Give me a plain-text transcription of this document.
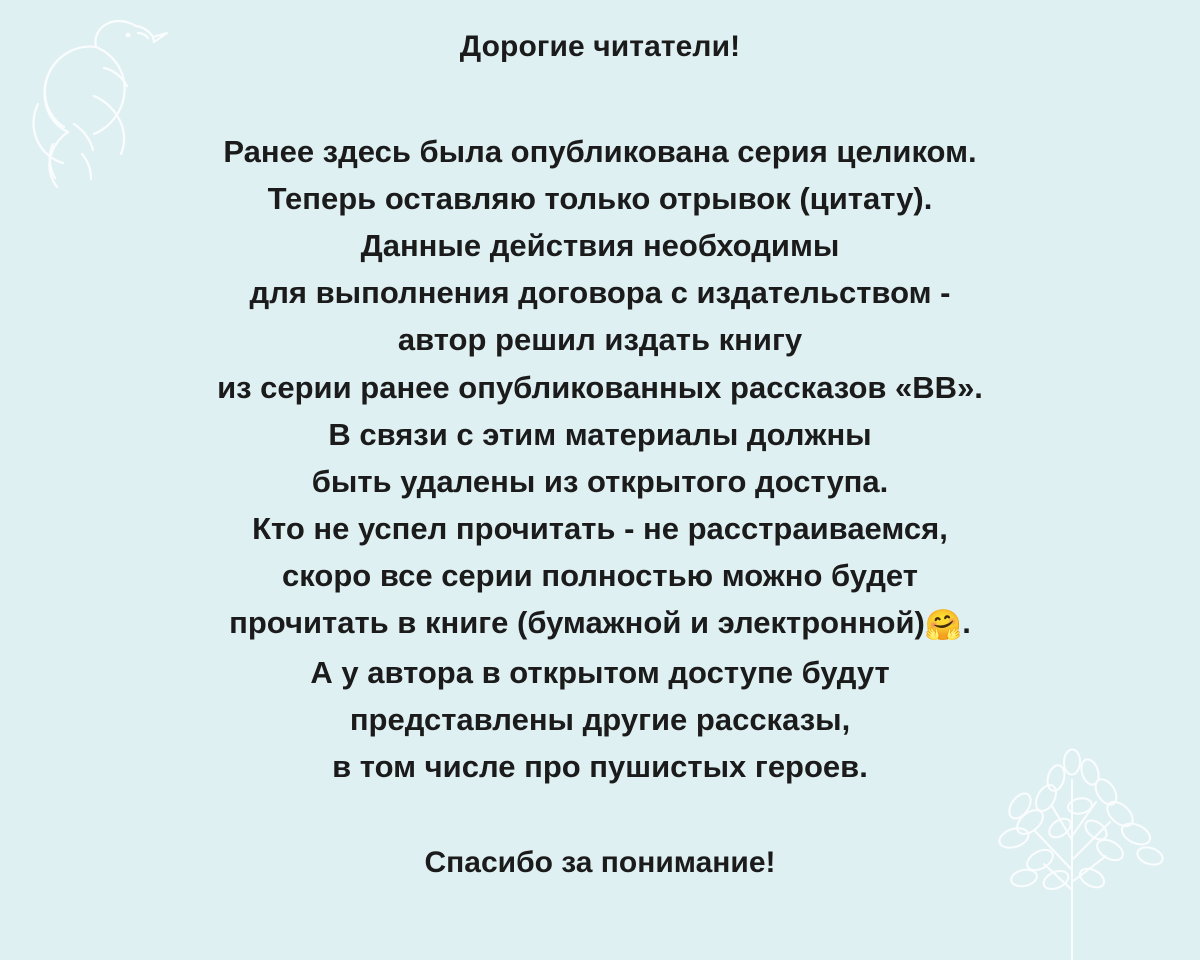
Дорогие читатели!
Ранее здесь была опубликована серия целиком.
Теперь оставляю только отрывок (цитату).
Данные действия необходимы
для выполнения договора с издательством -
автор решил издать книгу
из серии ранее опубликованных рассказов «ВВ».
В связи с этим материалы должны
быть удалены из открытого доступа.
Кто не успел прочитать - не расстраиваемся,
скоро все серии полностью можно будет
прочитать в книге (бумажной и электронной)🤗.
А у автора в открытом доступе будут
представлены другие рассказы,
в том числе про пушистых героев.

Спасибо за понимание!
